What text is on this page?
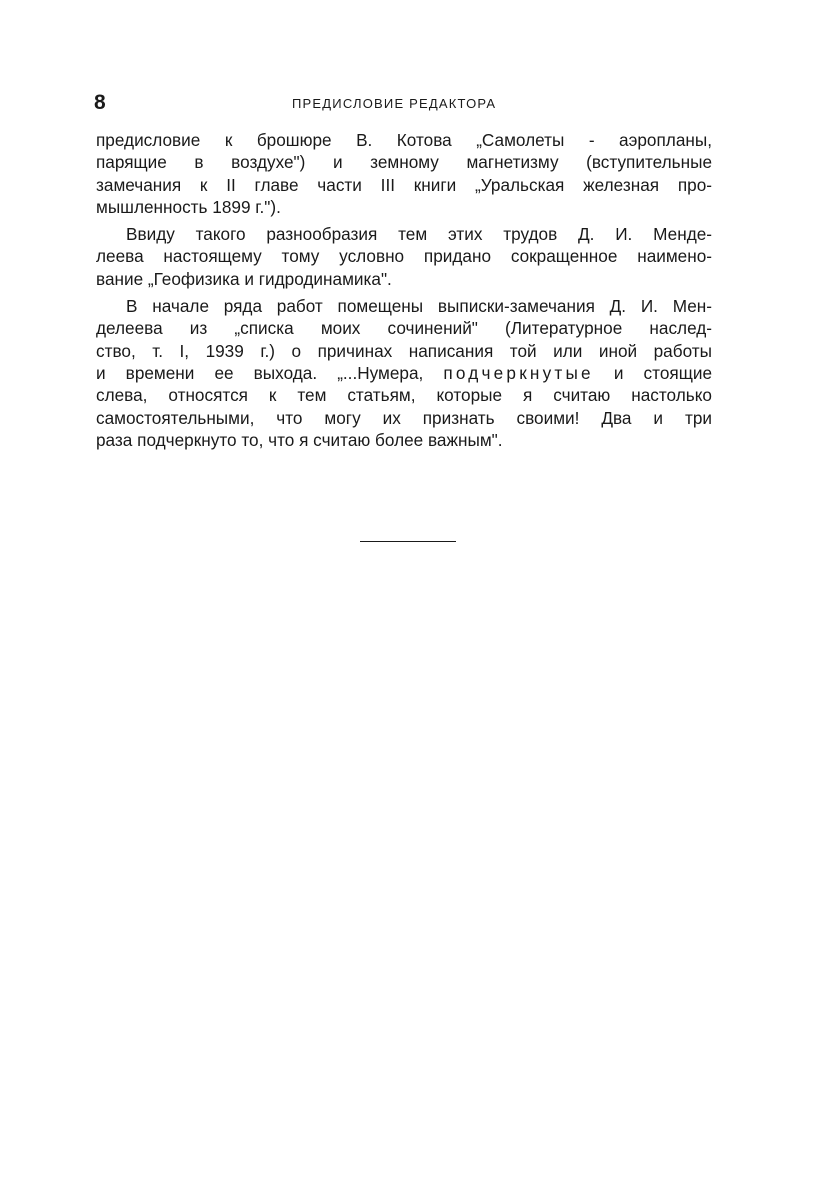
8	ПРЕДИСЛОВИЕ РЕДАКТОРА
предисловие к брошюре В. Котова „Самолеты - аэропланы,
парящие в воздухе") и земному магнетизму (вступительные
замечания к II главе части III книги „Уральская железная про-
мышленность 1899 г.").
Ввиду такого разнообразия тем этих трудов Д. И. Менде-
леева настоящему тому условно придано сокращенное наимено-
вание „Геофизика и гидродинамика".
В начале ряда работ помещены выписки-замечания Д. И. Мен-
делеева из „списка моих сочинений" (Литературное наслед-
ство, т. I, 1939 г.) о причинах написания той или иной работы
и времени ее выхода. „...Нумера, подчеркнутые и стоящие
слева, относятся к тем статьям, которые я считаю настолько
самостоятельными, что могу их признать своими! Два и три
раза подчеркнуто то, что я считаю более важным".
